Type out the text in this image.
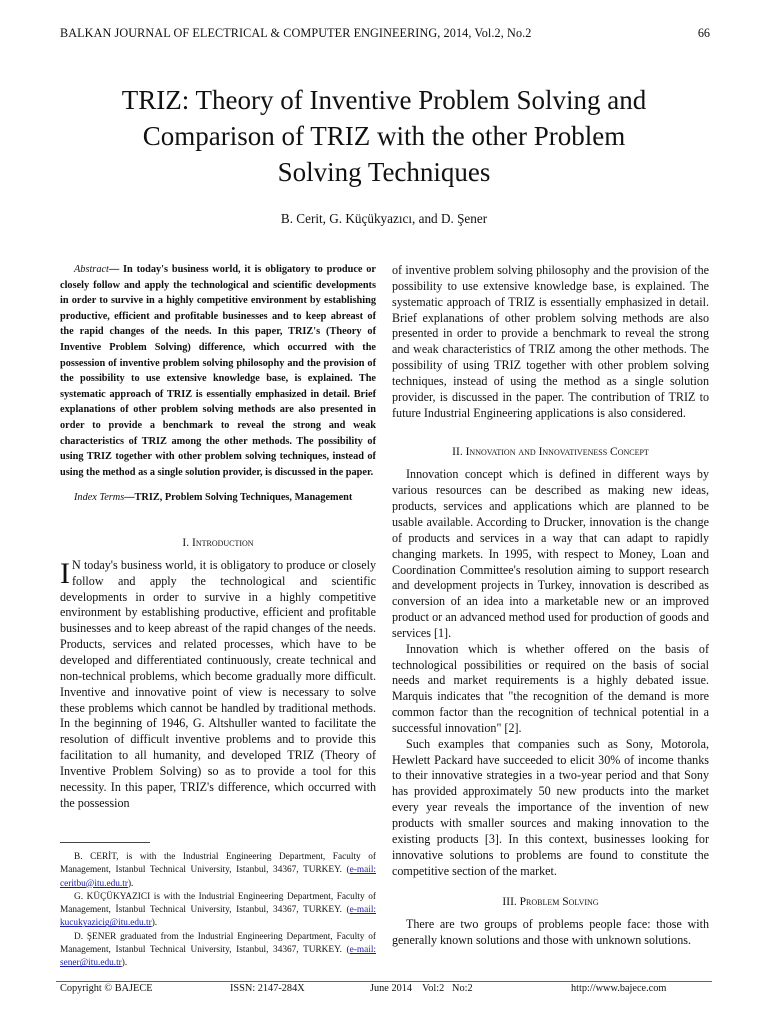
BALKAN JOURNAL OF ELECTRICAL & COMPUTER ENGINEERING, 2014, Vol.2, No.2	66
TRIZ: Theory of Inventive Problem Solving and
Comparison of TRIZ with the other Problem
Solving Techniques
B. Cerit, G. Küçükyazıcı, and D. Şener

Abstract— In today's business world, it is obligatory to produce or closely follow and apply the technological and scientific developments in order to survive in a highly competitive environment by establishing productive, efficient and profitable businesses and to keep abreast of the rapid changes of the needs. In this paper, TRIZ's (Theory of Inventive Problem Solving) difference, which occurred with the possession of inventive problem solving philosophy and the provision of the possibility to use extensive knowledge base, is explained. The systematic approach of TRIZ is essentially emphasized in detail. Brief explanations of other problem solving methods are also presented in order to provide a benchmark to reveal the strong and weak characteristics of TRIZ among the other methods. The possibility of using TRIZ together with other problem solving techniques, instead of using the method as a single solution provider, is discussed in the paper.

Index Terms—TRIZ, Problem Solving Techniques, Management

I. Introduction

I N today's business world, it is obligatory to produce or closely follow and apply the technological and scientific developments in order to survive in a highly competitive environment by establishing productive, efficient and profitable businesses and to keep abreast of the rapid changes of the needs. Products, services and related processes, which have to be developed and differentiated continuously, create technical and non-technical problems, which become gradually more difficult. Inventive and innovative point of view is necessary to solve these problems which cannot be handled by traditional methods. In the beginning of 1946, G. Altshuller wanted to facilitate the resolution of difficult inventive problems and to provide this facilitation to all humanity, and developed TRIZ (Theory of Inventive Problem Solving) so as to provide a tool for this necessity. In this paper, TRIZ's difference, which occurred with the possession

B. CERİT, is with the Industrial Engineering Department, Faculty of Management, Istanbul Technical University, Istanbul, 34367, TURKEY. (e-mail: ceritbu@itu.edu.tr).

G. KÜÇÜKYAZICI is with the Industrial Engineering Department, Faculty of Management, İstanbul Technical University, Istanbul, 34367, TURKEY. (e-mail: kucukyazicig@itu.edu.tr).

D. ŞENER graduated from the Industrial Engineering Department, Faculty of Management, Istanbul Technical University, Istanbul, 34367, TURKEY. (e-mail: sener@itu.edu.tr).

of inventive problem solving philosophy and the provision of the possibility to use extensive knowledge base, is explained. The systematic approach of TRIZ is essentially emphasized in detail. Brief explanations of other problem solving methods are also presented in order to provide a benchmark to reveal the strong and weak characteristics of TRIZ among the other methods. The possibility of using TRIZ together with other problem solving techniques, instead of using the method as a single solution provider, is discussed in the paper. The contribution of TRIZ to future Industrial Engineering applications is also considered.

II. Innovation and Innovativeness Concept

Innovation concept which is defined in different ways by various resources can be described as making new ideas, products, services and applications which are planned to be usable available. According to Drucker, innovation is the change of products and services in a way that can adapt to rapidly changing markets. In 1995, with respect to Money, Loan and Coordination Committee's resolution aiming to support research and development projects in Turkey, innovation is described as conversion of an idea into a marketable new or an improved product or an advanced method used for production of goods and services [1].

Innovation which is whether offered on the basis of technological possibilities or required on the basis of social needs and market requirements is a highly debated issue. Marquis indicates that "the recognition of the demand is more common factor than the recognition of technical potential in a successful innovation" [2].

Such examples that companies such as Sony, Motorola, Hewlett Packard have succeeded to elicit 30% of income thanks to their innovative strategies in a two-year period and that Sony has provided approximately 50 new products into the market every year reveals the importance of the invention of new products with smaller sources and making innovation to the existing products [3]. In this context, businesses looking for innovative solutions to problems are found to constitute the competitive section of the market.

III. Problem Solving

There are two groups of problems people face: those with generally known solutions and those with unknown solutions.

Copyright © BAJECE	ISSN: 2147-284X	June 2014    Vol:2   No:2	http://www.bajece.com
